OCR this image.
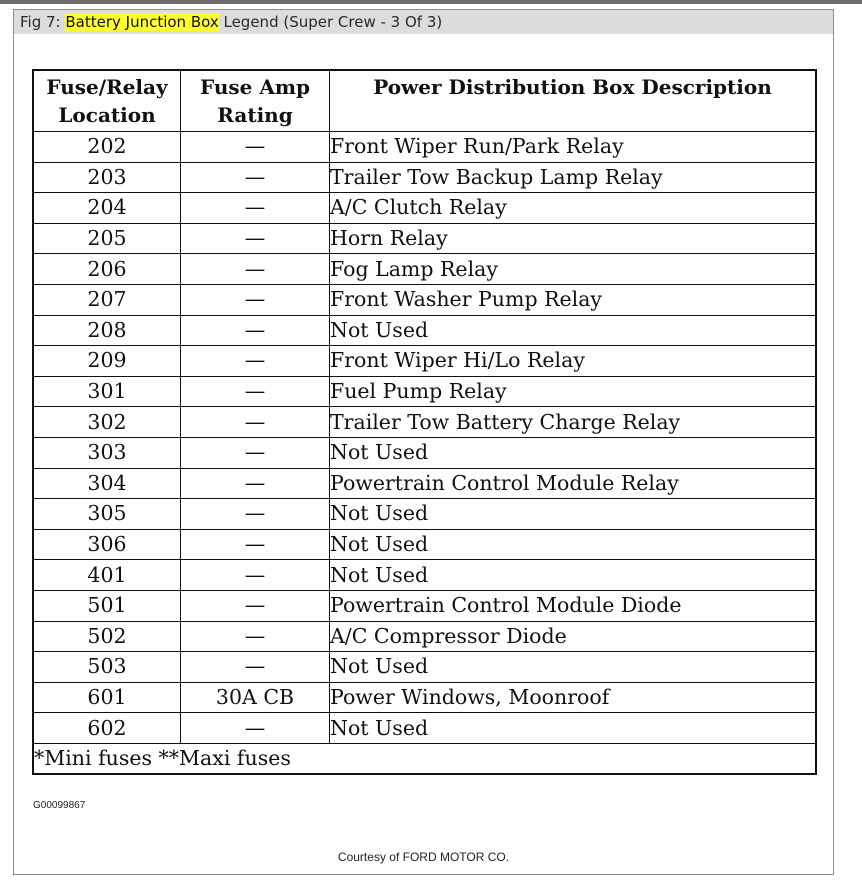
Fig 7: Battery Junction Box Legend (Super Crew - 3 Of 3)
Fuse/Relay Location	Fuse Amp Rating	Power Distribution Box Description
202	—	Front Wiper Run/Park Relay
203	—	Trailer Tow Backup Lamp Relay
204	—	A/C Clutch Relay
205	—	Horn Relay
206	—	Fog Lamp Relay
207	—	Front Washer Pump Relay
208	—	Not Used
209	—	Front Wiper Hi/Lo Relay
301	—	Fuel Pump Relay
302	—	Trailer Tow Battery Charge Relay
303	—	Not Used
304	—	Powertrain Control Module Relay
305	—	Not Used
306	—	Not Used
401	—	Not Used
501	—	Powertrain Control Module Diode
502	—	A/C Compressor Diode
503	—	Not Used
601	30A CB	Power Windows, Moonroof
602	—	Not Used
*Mini fuses **Maxi fuses		
G00099867
Courtesy of FORD MOTOR CO.
